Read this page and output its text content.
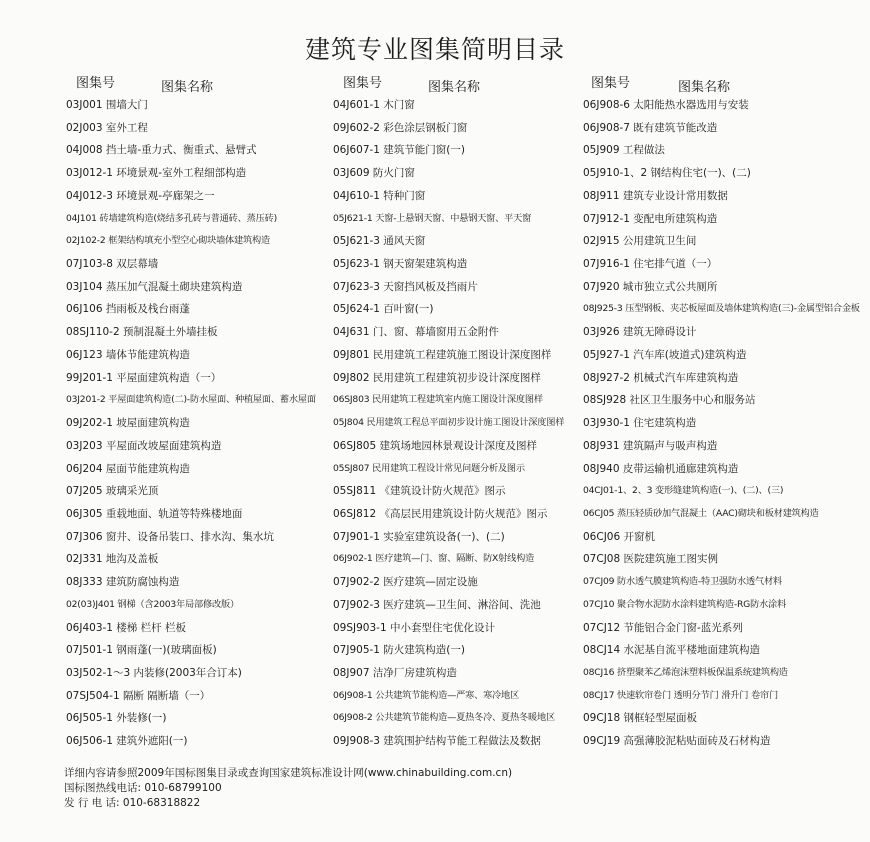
建筑专业图集简明目录
图集号	图集名称
03J001 围墙大门
02J003 室外工程
04J008 挡土墙-重力式、衡重式、悬臂式
03J012-1 环境景观-室外工程细部构造
04J012-3 环境景观-亭廊架之一
04J101 砖墙建筑构造(烧结多孔砖与普通砖、蒸压砖)
02J102-2 框架结构填充小型空心砌块墙体建筑构造
07J103-8 双层幕墙
03J104 蒸压加气混凝土砌块建筑构造
06J106 挡雨板及栈台雨蓬
08SJ110-2 预制混凝土外墙挂板
06J123 墙体节能建筑构造
99J201-1 平屋面建筑构造（一）
03J201-2 平屋面建筑构造(二)-防水屋面、种植屋面、蓄水屋面
09J202-1 坡屋面建筑构造
03J203 平屋面改坡屋面建筑构造
06J204 屋面节能建筑构造
07J205 玻璃采光顶
06J305 重载地面、轨道等特殊楼地面
07J306 窗井、设备吊装口、排水沟、集水坑
02J331 地沟及盖板
08J333 建筑防腐蚀构造
02(03)J401 钢梯（含2003年局部修改版）
06J403-1 楼梯 栏杆 栏板
07J501-1 钢雨蓬(一)(玻璃面板)
03J502-1～3 内装修(2003年合订本)
07SJ504-1 隔断 隔断墙（一）
06J505-1 外装修(一)
06J506-1 建筑外遮阳(一)
图集号	图集名称
04J601-1 木门窗
09J602-2 彩色涂层钢板门窗
06J607-1 建筑节能门窗(一)
03J609 防火门窗
04J610-1 特种门窗
05J621-1 天窗-上悬钢天窗、中悬钢天窗、平天窗
05J621-3 通风天窗
05J623-1 钢天窗架建筑构造
07J623-3 天窗挡风板及挡雨片
05J624-1 百叶窗(一)
04J631 门、窗、幕墙窗用五金附件
09J801 民用建筑工程建筑施工图设计深度图样
09J802 民用建筑工程建筑初步设计深度图样
06SJ803 民用建筑工程建筑室内施工图设计深度图样
05J804 民用建筑工程总平面初步设计施工图设计深度图样
06SJ805 建筑场地园林景观设计深度及图样
05SJ807 民用建筑工程设计常见问题分析及图示
05SJ811 《建筑设计防火规范》图示
06SJ812 《高层民用建筑设计防火规范》图示
07J901-1 实验室建筑设备(一)、(二)
06J902-1 医疗建筑—门、窗、隔断、防X射线构造
07J902-2 医疗建筑—固定设施
07J902-3 医疗建筑—卫生间、淋浴间、洗池
09SJ903-1 中小套型住宅优化设计
07J905-1 防火建筑构造(一)
08J907 洁净厂房建筑构造
06J908-1 公共建筑节能构造—严寒、寒冷地区
06J908-2 公共建筑节能构造—夏热冬冷、夏热冬暖地区
09J908-3 建筑围护结构节能工程做法及数据
图集号	图集名称
06J908-6 太阳能热水器选用与安装
06J908-7 既有建筑节能改造
05J909 工程做法
05J910-1、2 钢结构住宅(一)、(二)
08J911 建筑专业设计常用数据
07J912-1 变配电所建筑构造
02J915 公用建筑卫生间
07J916-1 住宅排气道（一）
07J920 城市独立式公共厕所
08J925-3 压型钢板、夹芯板屋面及墙体建筑构造(三)-金属型铝合金板
03J926 建筑无障碍设计
05J927-1 汽车库(坡道式)建筑构造
08J927-2 机械式汽车库建筑构造
08SJ928 社区卫生服务中心和服务站
03J930-1 住宅建筑构造
08J931 建筑隔声与吸声构造
08J940 皮带运输机通廊建筑构造
04CJ01-1、2、3 变形缝建筑构造(一)、(二)、(三)
06CJ05 蒸压轻质砂加气混凝土（AAC)砌块和板材建筑构造
06CJ06 开窗机
07CJ08 医院建筑施工图实例
07CJ09 防水透气膜建筑构造-特卫强防水透气材料
07CJ10 聚合物水泥防水涂料建筑构造-RG防水涂料
07CJ12 节能铝合金门窗-蓝光系列
08CJ14 水泥基自流平楼地面建筑构造
08CJ16 挤塑聚苯乙烯泡沫塑料板保温系统建筑构造
08CJ17 快速软帘卷门 透明分节门 滑升门 卷帘门
09CJ18 钢框轻型屋面板
09CJ19 高强薄胶泥粘贴面砖及石材构造
详细内容请参照2009年国标图集目录或查询国家建筑标准设计网(www.chinabuilding.com.cn)
国标图热线电话: 010-68799100
发 行 电 话: 010-68318822
